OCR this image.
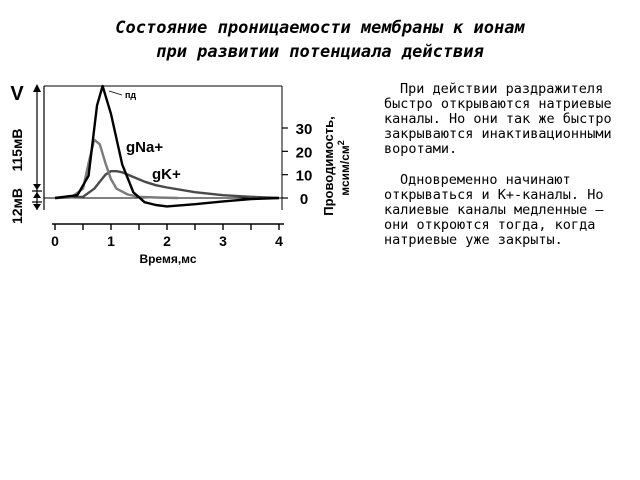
Состояние проницаемости мембраны к ионам
при развитии потенциала действия
V
115мВ
12мВ
пд
gNa+
gK+
30
20
10
0 Проводимость, мсим/$см^2$
0	1	2	3	4
Время,мс

При действии раздражителя быстро открываются натриевые каналы. Но они так же быстро закрываются инактивационными воротами.

Одновременно начинают открываться и К+-каналы. Но калиевые каналы медленные – они откроются тогда, когда натриевые уже закрыты.
